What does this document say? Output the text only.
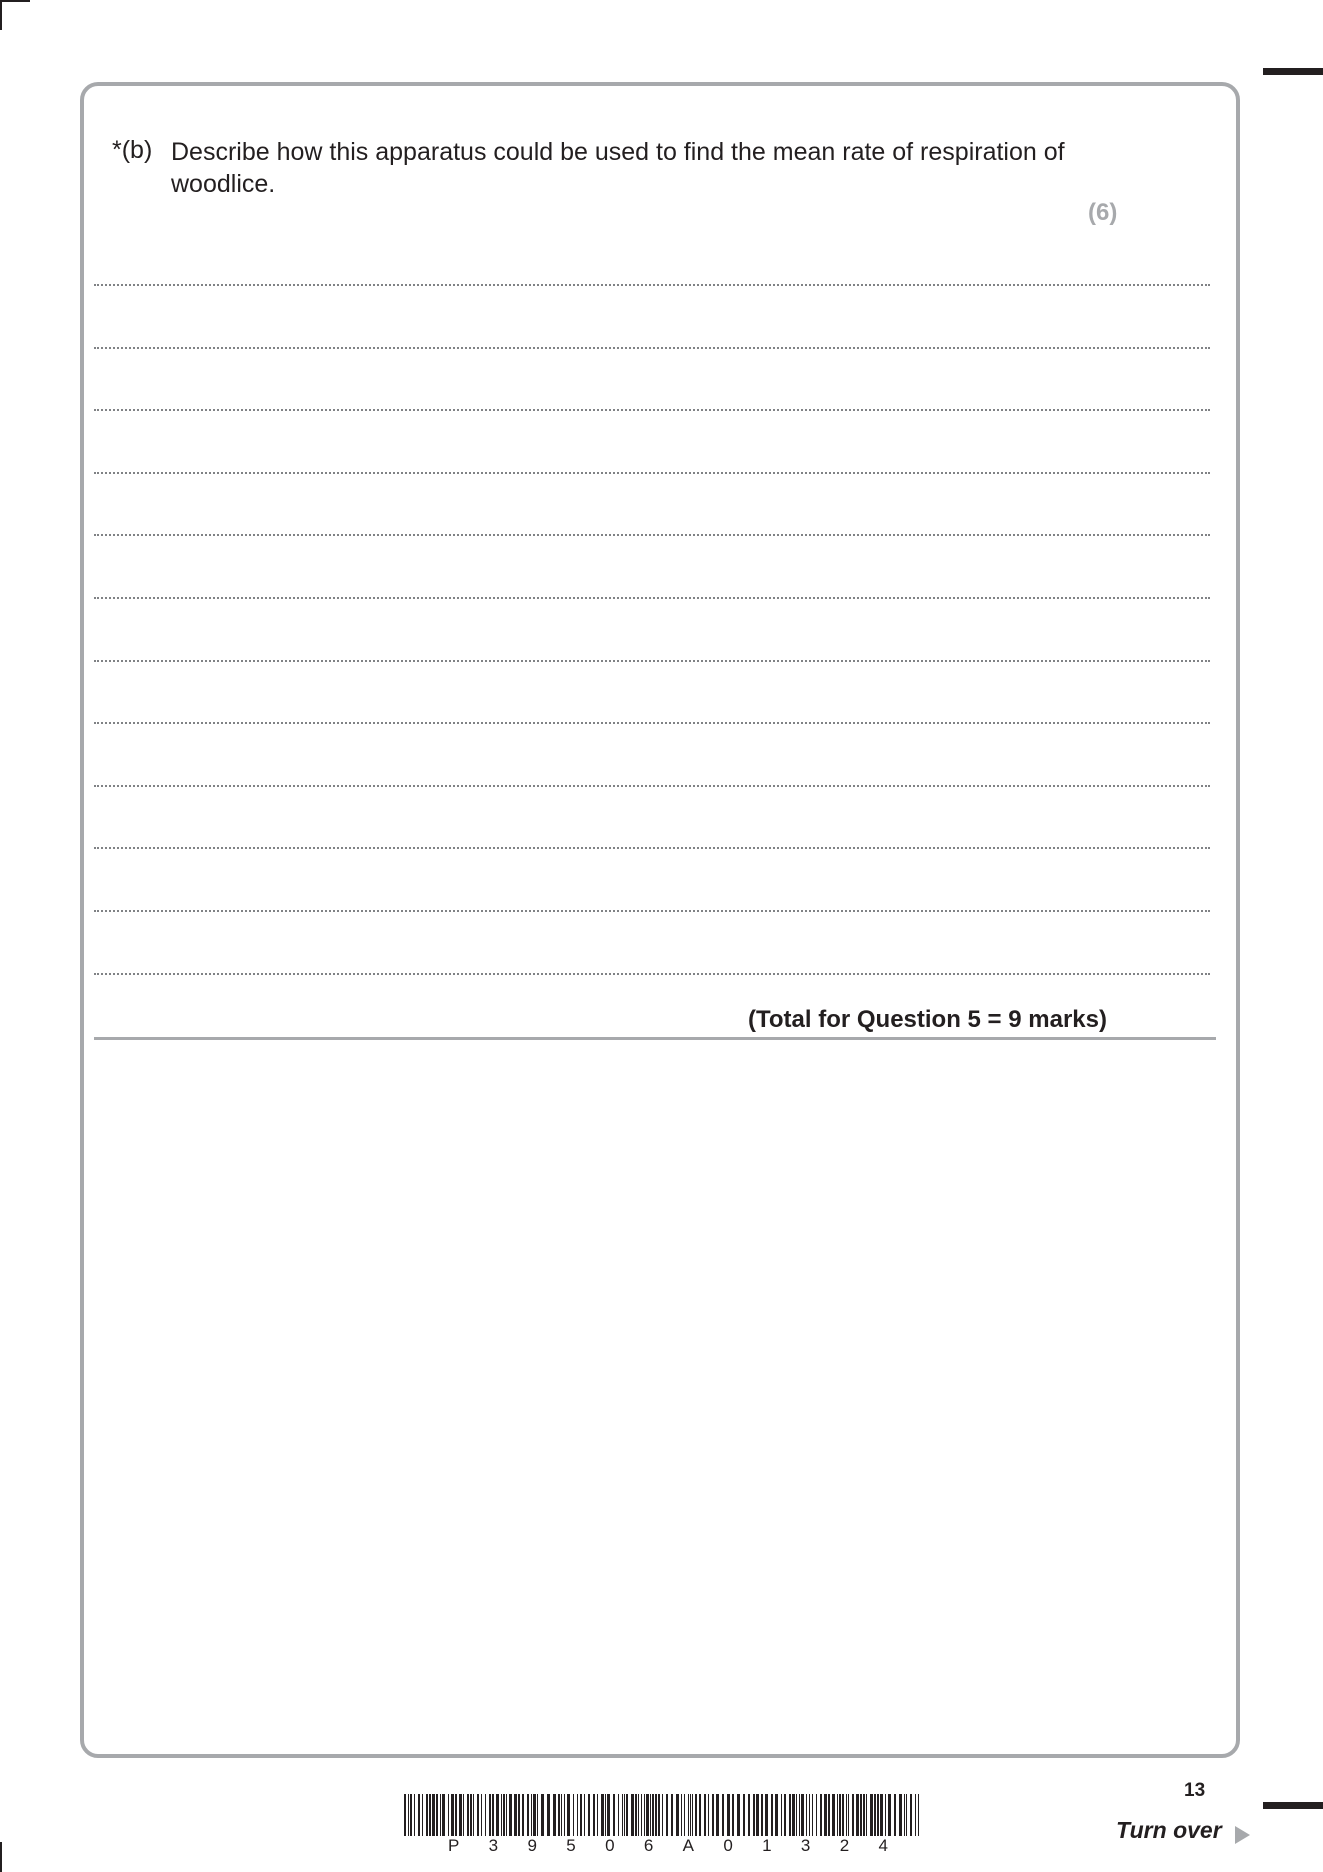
*(b) Describe how this apparatus could be used to find the mean rate of respiration of woodlice.
(6)
(Total for Question 5 = 9 marks)
P 3 9 5 0 6 A 0 1 3 2 4
13
Turn over
